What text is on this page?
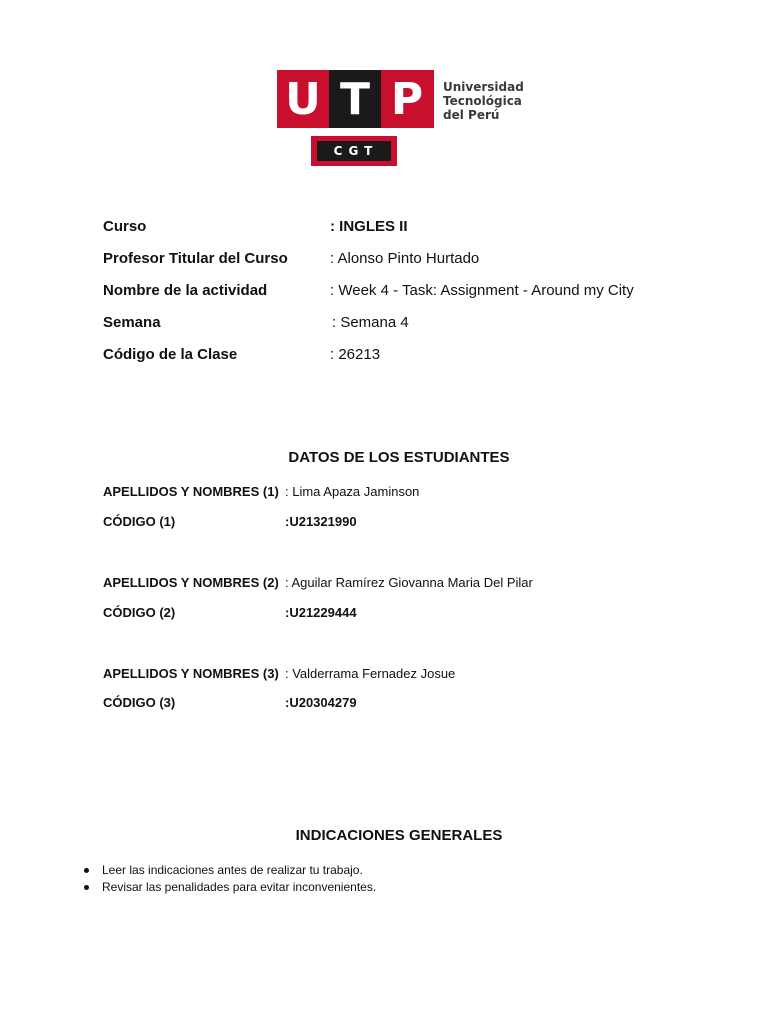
U T P	Universidad
Tecnológica
del Perú
CGT
Curso	: INGLES II
Profesor Titular del Curso	: Alonso Pinto Hurtado
Nombre de la actividad	: Week 4 - Task: Assignment - Around my City
Semana	: Semana 4
Código de la Clase	: 26213
DATOS DE LOS ESTUDIANTES
APELLIDOS Y NOMBRES (1) : Lima Apaza Jaminson
CÓDIGO (1)	:U21321990
APELLIDOS Y NOMBRES (2) : Aguilar Ramírez Giovanna Maria Del Pilar
CÓDIGO (2)	:U21229444
APELLIDOS Y NOMBRES (3) : Valderrama Fernadez Josue
CÓDIGO (3)	:U20304279
INDICACIONES GENERALES
Leer las indicaciones antes de realizar tu trabajo.
Revisar las penalidades para evitar inconvenientes.
